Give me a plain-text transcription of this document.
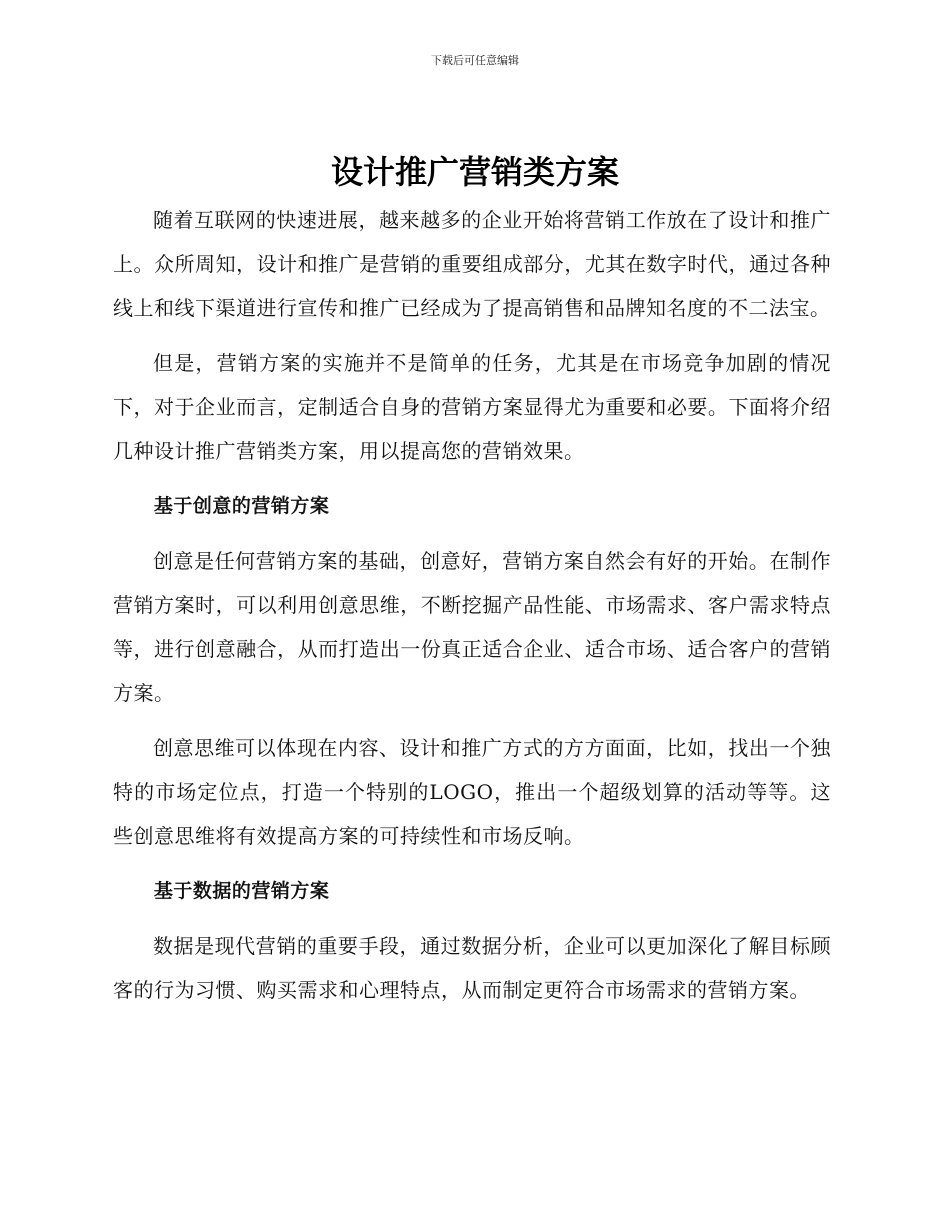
下载后可任意编辑
设计推广营销类方案

随着互联网的快速进展，越来越多的企业开始将营销工作放在了设计和推广上。众所周知，设计和推广是营销的重要组成部分，尤其在数字时代，通过各种线上和线下渠道进行宣传和推广已经成为了提高销售和品牌知名度的不二法宝。

但是，营销方案的实施并不是简单的任务，尤其是在市场竞争加剧的情况下，对于企业而言，定制适合自身的营销方案显得尤为重要和必要。下面将介绍几种设计推广营销类方案，用以提高您的营销效果。

基于创意的营销方案

创意是任何营销方案的基础，创意好，营销方案自然会有好的开始。在制作营销方案时，可以利用创意思维，不断挖掘产品性能、市场需求、客户需求特点等，进行创意融合，从而打造出一份真正适合企业、适合市场、适合客户的营销方案。

创意思维可以体现在内容、设计和推广方式的方方面面，比如，找出一个独特的市场定位点，打造一个特别的LOGO，推出一个超级划算的活动等等。这些创意思维将有效提高方案的可持续性和市场反响。

基于数据的营销方案

数据是现代营销的重要手段，通过数据分析，企业可以更加深化了解目标顾客的行为习惯、购买需求和心理特点，从而制定更符合市场需求的营销方案。
